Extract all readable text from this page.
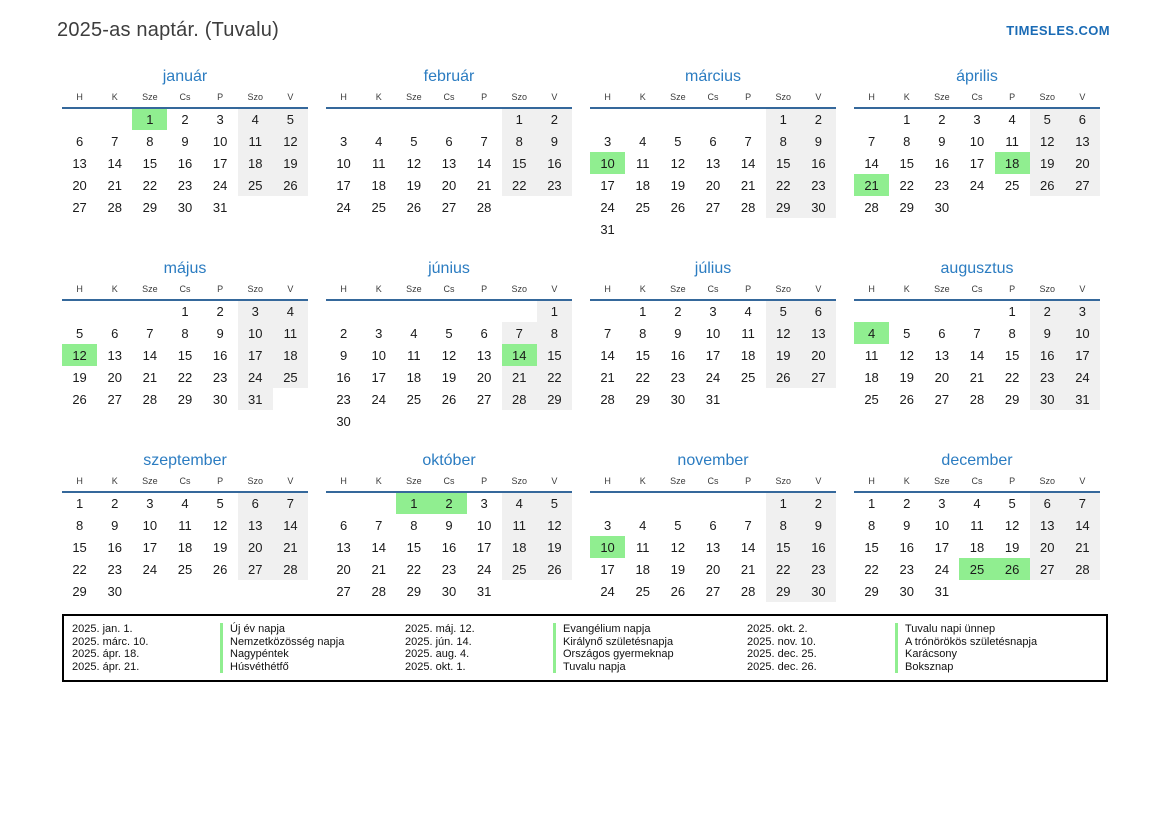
2025-as naptár. (Tuvalu)	TIMESLES.COM
január
H	K	Sze	Cs	P	Szo	V
		1	2	3	4	5
6	7	8	9	10	11	12
13	14	15	16	17	18	19
20	21	22	23	24	25	26
27	28	29	30	31		
február
H	K	Sze	Cs	P	Szo	V
					1	2
3	4	5	6	7	8	9
10	11	12	13	14	15	16
17	18	19	20	21	22	23
24	25	26	27	28		
március
H	K	Sze	Cs	P	Szo	V
					1	2
3	4	5	6	7	8	9
10	11	12	13	14	15	16
17	18	19	20	21	22	23
24	25	26	27	28	29	30
31						
április
H	K	Sze	Cs	P	Szo	V
	1	2	3	4	5	6
7	8	9	10	11	12	13
14	15	16	17	18	19	20
21	22	23	24	25	26	27
28	29	30				
május
H	K	Sze	Cs	P	Szo	V
			1	2	3	4
5	6	7	8	9	10	11
12	13	14	15	16	17	18
19	20	21	22	23	24	25
26	27	28	29	30	31	
június
H	K	Sze	Cs	P	Szo	V
						1
2	3	4	5	6	7	8
9	10	11	12	13	14	15
16	17	18	19	20	21	22
23	24	25	26	27	28	29
30						
július
H	K	Sze	Cs	P	Szo	V
	1	2	3	4	5	6
7	8	9	10	11	12	13
14	15	16	17	18	19	20
21	22	23	24	25	26	27
28	29	30	31			
augusztus
H	K	Sze	Cs	P	Szo	V
				1	2	3
4	5	6	7	8	9	10
11	12	13	14	15	16	17
18	19	20	21	22	23	24
25	26	27	28	29	30	31
szeptember
H	K	Sze	Cs	P	Szo	V
1	2	3	4	5	6	7
8	9	10	11	12	13	14
15	16	17	18	19	20	21
22	23	24	25	26	27	28
29	30					
október
H	K	Sze	Cs	P	Szo	V
		1	2	3	4	5
6	7	8	9	10	11	12
13	14	15	16	17	18	19
20	21	22	23	24	25	26
27	28	29	30	31		
november
H	K	Sze	Cs	P	Szo	V
					1	2
3	4	5	6	7	8	9
10	11	12	13	14	15	16
17	18	19	20	21	22	23
24	25	26	27	28	29	30
december
H	K	Sze	Cs	P	Szo	V
1	2	3	4	5	6	7
8	9	10	11	12	13	14
15	16	17	18	19	20	21
22	23	24	25	26	27	28
29	30	31				
2025. jan. 1.	Új év napja
2025. márc. 10.	Nemzetközösség napja
2025. ápr. 18.	Nagypéntek
2025. ápr. 21.	Húsvéthétfő
2025. máj. 12.	Evangélium napja
2025. jún. 14.	Királynő születésnapja
2025. aug. 4.	Országos gyermeknap
2025. okt. 1.	Tuvalu napja
2025. okt. 2.	Tuvalu napi ünnep
2025. nov. 10.	A trónörökös születésnapja
2025. dec. 25.	Karácsony
2025. dec. 26.	Boksznap
